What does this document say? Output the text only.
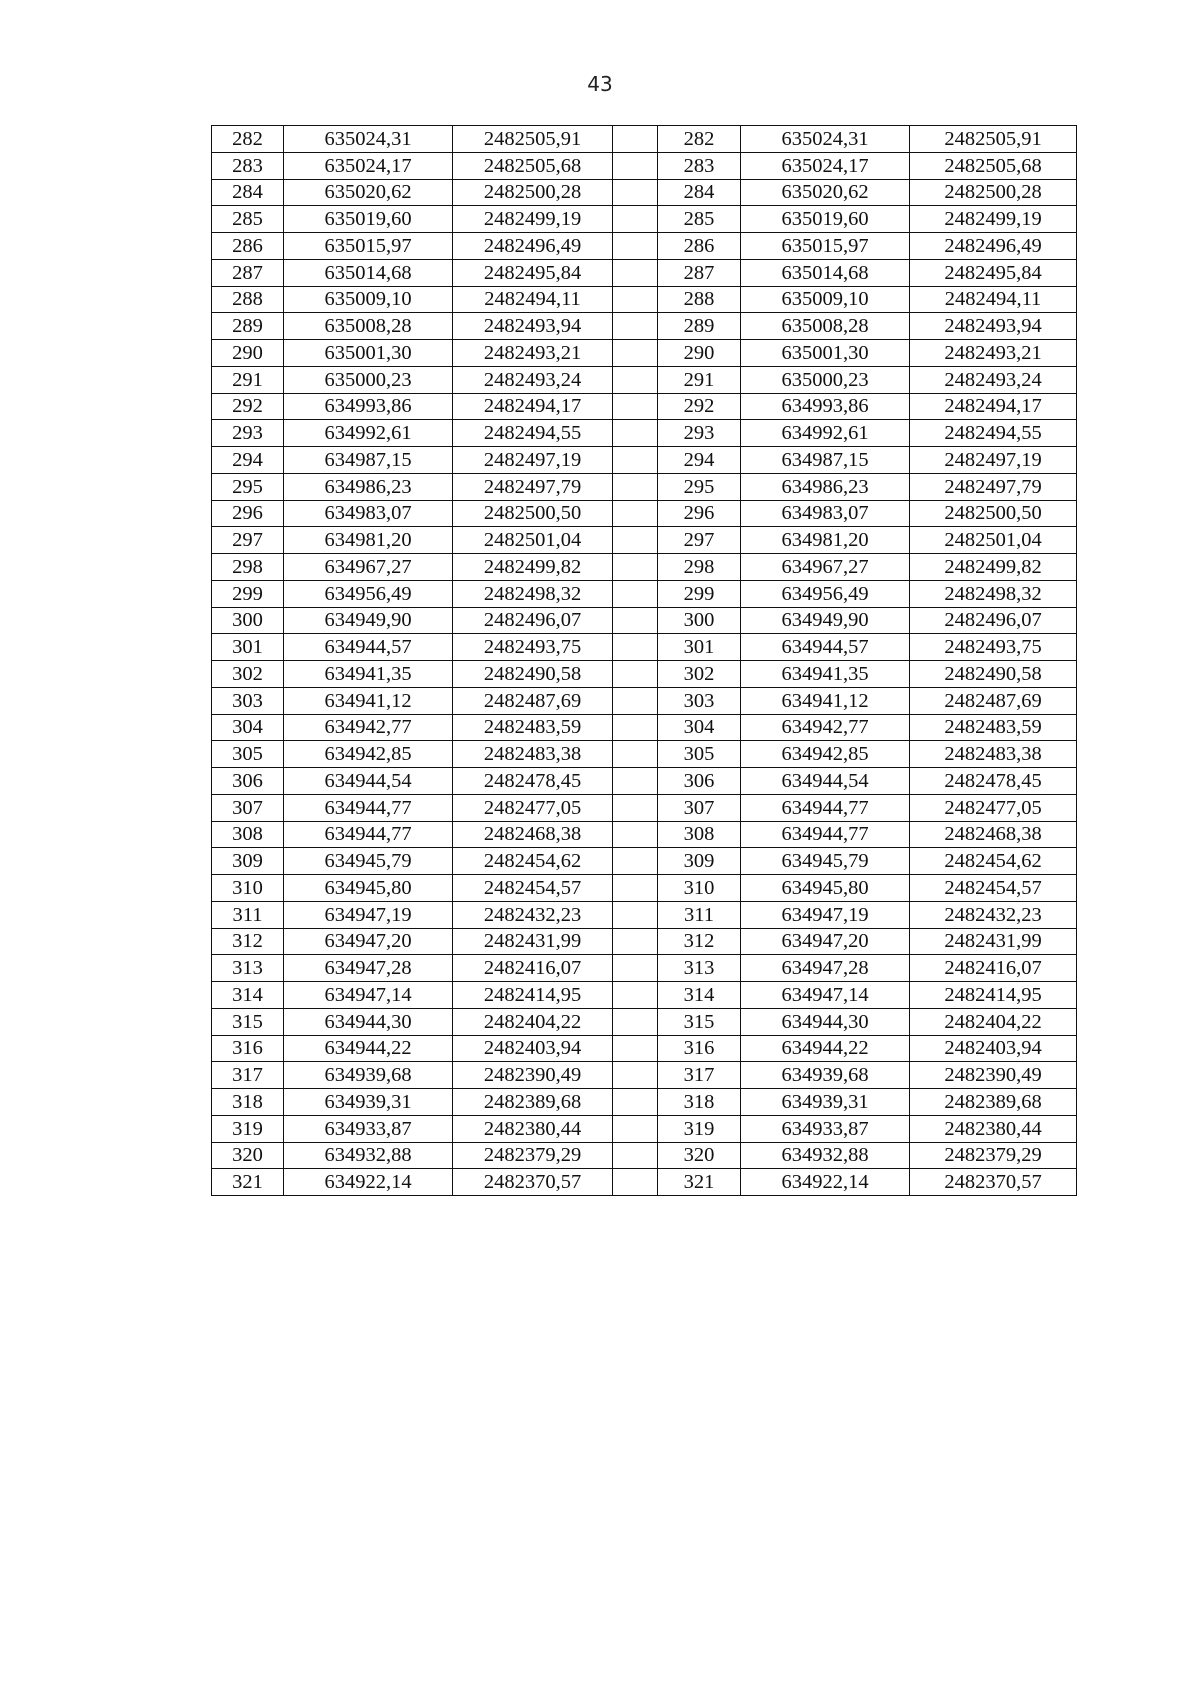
43
282	635024,31	2482505,91		282	635024,31	2482505,91
283	635024,17	2482505,68		283	635024,17	2482505,68
284	635020,62	2482500,28		284	635020,62	2482500,28
285	635019,60	2482499,19		285	635019,60	2482499,19
286	635015,97	2482496,49		286	635015,97	2482496,49
287	635014,68	2482495,84		287	635014,68	2482495,84
288	635009,10	2482494,11		288	635009,10	2482494,11
289	635008,28	2482493,94		289	635008,28	2482493,94
290	635001,30	2482493,21		290	635001,30	2482493,21
291	635000,23	2482493,24		291	635000,23	2482493,24
292	634993,86	2482494,17		292	634993,86	2482494,17
293	634992,61	2482494,55		293	634992,61	2482494,55
294	634987,15	2482497,19		294	634987,15	2482497,19
295	634986,23	2482497,79		295	634986,23	2482497,79
296	634983,07	2482500,50		296	634983,07	2482500,50
297	634981,20	2482501,04		297	634981,20	2482501,04
298	634967,27	2482499,82		298	634967,27	2482499,82
299	634956,49	2482498,32		299	634956,49	2482498,32
300	634949,90	2482496,07		300	634949,90	2482496,07
301	634944,57	2482493,75		301	634944,57	2482493,75
302	634941,35	2482490,58		302	634941,35	2482490,58
303	634941,12	2482487,69		303	634941,12	2482487,69
304	634942,77	2482483,59		304	634942,77	2482483,59
305	634942,85	2482483,38		305	634942,85	2482483,38
306	634944,54	2482478,45		306	634944,54	2482478,45
307	634944,77	2482477,05		307	634944,77	2482477,05
308	634944,77	2482468,38		308	634944,77	2482468,38
309	634945,79	2482454,62		309	634945,79	2482454,62
310	634945,80	2482454,57		310	634945,80	2482454,57
311	634947,19	2482432,23		311	634947,19	2482432,23
312	634947,20	2482431,99		312	634947,20	2482431,99
313	634947,28	2482416,07		313	634947,28	2482416,07
314	634947,14	2482414,95		314	634947,14	2482414,95
315	634944,30	2482404,22		315	634944,30	2482404,22
316	634944,22	2482403,94		316	634944,22	2482403,94
317	634939,68	2482390,49		317	634939,68	2482390,49
318	634939,31	2482389,68		318	634939,31	2482389,68
319	634933,87	2482380,44		319	634933,87	2482380,44
320	634932,88	2482379,29		320	634932,88	2482379,29
321	634922,14	2482370,57		321	634922,14	2482370,57
